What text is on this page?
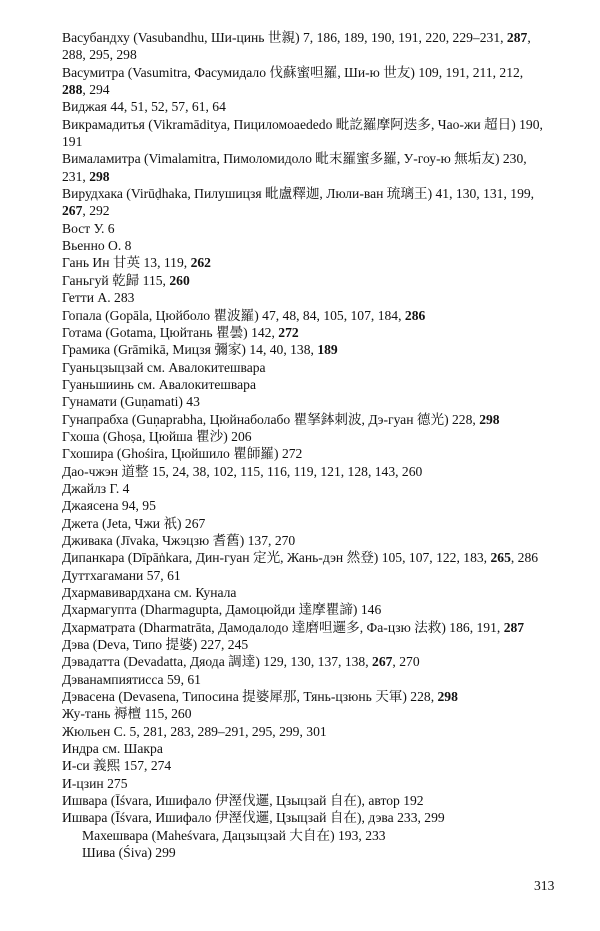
Васубандху (Vasubandhu, Ши-цинь 世親) 7, 186, 189, 190, 191, 220, 229–231, 287,
288, 295, 298
Васумитра (Vasumitra, Фасумидало 伐蘇蜜呾羅, Ши-ю 世友) 109, 191, 211, 212,
288, 294
Виджая 44, 51, 52, 57, 61, 64
Викрамадитья (Vikramāditya, Пициломоаededo 毗訖羅摩阿迭多, Чао-жи 超日) 190,
191
Вималамитра (Vimalamitra, Пимоломидоло 毗末羅蜜多羅, У-гоу-ю 無垢友) 230,
231, 298
Вирудхака (Virūḍhaka, Пилушицзя 毗盧釋迦, Люли-ван 琉璃王) 41, 130, 131, 199,
267, 292
Вост У. 6
Вьенно О. 8
Гань Ин 甘英 13, 119, 262
Ганьгуй 乾歸 115, 260
Гетти А. 283
Гопала (Gopāla, Цюйболо 瞿波羅) 47, 48, 84, 105, 107, 184, 286
Готама (Gotama, Цюйтань 瞿曇) 142, 272
Грамика (Grāmikā, Мицзя 彌家) 14, 40, 138, 189
Гуаньцзыцзай см. Авалокитешвара
Гуаньшиинь см. Авалокитешвара
Гунамати (Guṇamati) 43
Гунапрабха (Guṇaprabha, Цюйнаболабо 瞿拏鉢刺波, Дэ-гуан 德光) 228, 298
Гхоша (Ghoṣa, Цюйша 瞿沙) 206
Гхошира (Ghośira, Цюйшило 瞿師羅) 272
Дао-чжэн 道整 15, 24, 38, 102, 115, 116, 119, 121, 128, 143, 260
Джайлз Г. 4
Джаясена 94, 95
Джета (Jeta, Чжи 祇) 267
Дживака (Jīvaka, Чжэцзю 耆舊) 137, 270
Дипанкара (Dīpāṅkara, Дин-гуан 定光, Жань-дэн 然登) 105, 107, 122, 183, 265, 286
Дуттхагамани 57, 61
Дхармавивардхана см. Кунала
Дхармагупта (Dharmagupta, Дамоцюйди 達摩瞿諦) 146
Дхарматрата (Dharmatrāta, Дамодалодо 達磨呾邏多, Фа-цзю 法救) 186, 191, 287
Дэва (Deva, Типо 提婆) 227, 245
Дэвадатта (Devadatta, Дяода 調達) 129, 130, 137, 138, 267, 270
Дэванампиятисса 59, 61
Дэвасена (Devasena, Типосина 提婆犀那, Тянь-цзюнь 天軍) 228, 298
Жу-тань 褥檀 115, 260
Жюльен С. 5, 281, 283, 289–291, 295, 299, 301
Индра см. Шакра
И-си 義熙 157, 274
И-цзин 275
Ишвара (Īśvara, Ишифало 伊溼伐邏, Цзыцзай 自在), автор 192
Ишвара (Īśvara, Ишифало 伊溼伐邏, Цзыцзай 自在), дэва 233, 299
Махешвара (Maheśvara, Дацзыцзай 大自在) 193, 233
Шива (Śiva) 299
313
